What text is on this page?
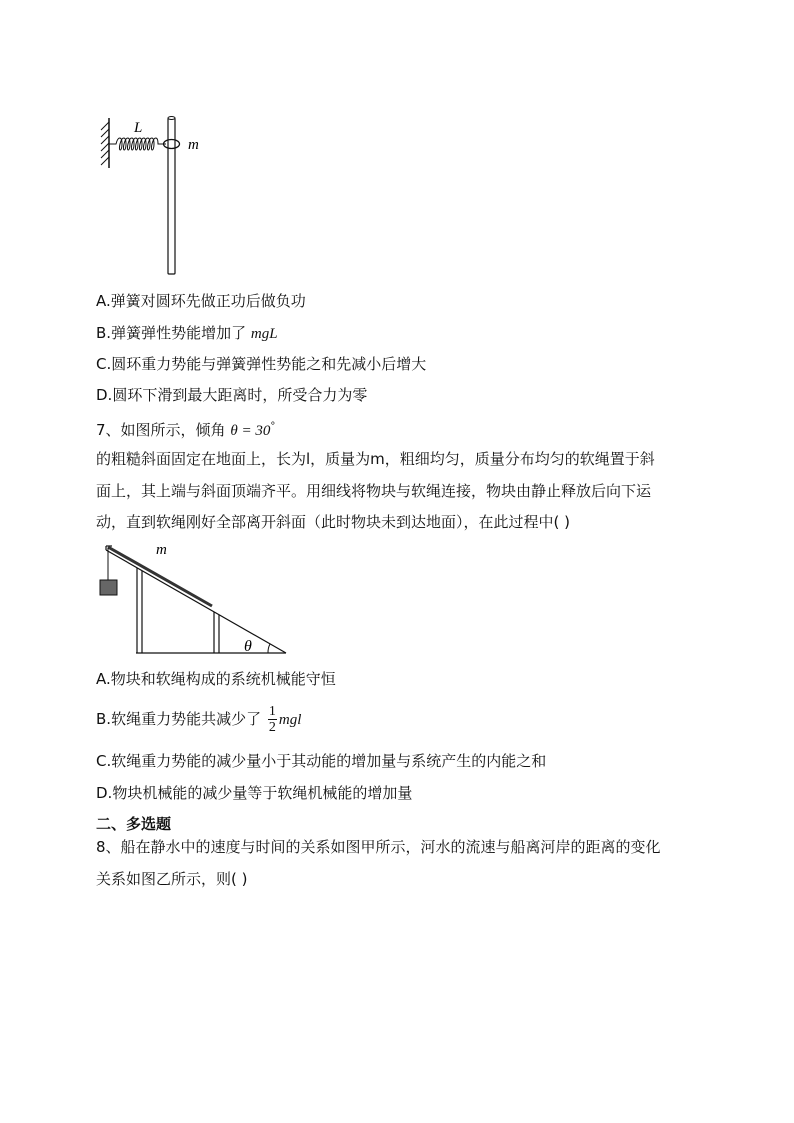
L
m
A.弹簧对圆环先做正功后做负功
B.弹簧弹性势能增加了 mgL
C.圆环重力势能与弹簧弹性势能之和先减小后增大
D.圆环下滑到最大距离时，所受合力为零
7、如图所示，倾角 θ = 30°
的粗糙斜面固定在地面上，长为l，质量为m，粗细均匀，质量分布均匀的软绳置于斜
面上，其上端与斜面顶端齐平。用细线将物块与软绳连接，物块由静止释放后向下运
动，直到软绳刚好全部离开斜面（此时物块未到达地面），在此过程中( )
m
θ
A.物块和软绳构成的系统机械能守恒
B.软绳重力势能共减少了 $\frac{1}{2}$ mgl
C.软绳重力势能的减少量小于其动能的增加量与系统产生的内能之和
D.物块机械能的减少量等于软绳机械能的增加量
二、多选题
8、船在静水中的速度与时间的关系如图甲所示，河水的流速与船离河岸的距离的变化
关系如图乙所示，则( )
